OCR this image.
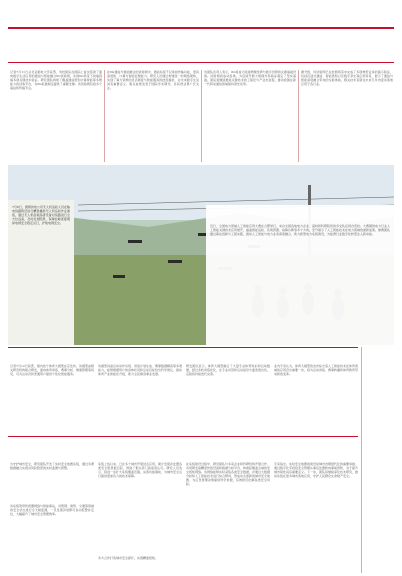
记者7月11日从北京邮电大学获悉，该校团队在国际上首次搭建了面向数字生活应用的通信与智能融合6G试验网，实现6G场景下的端到端多项关键技术验证。研究团队构建了覆盖通信感知计算智能等多维能力的试验平台，为6G标准制定提供了重要支撑。该试验网包括多个基站和终端节点。
在6G通信与智能融合的试验网中，通信系统不仅承担传输功能，更具备感知、计算与智能处理能力。研究人员通过构建统一的网络架构，实现了算力资源的灵活调度与智能服务的按需提供，对未来数字生活具有重要意义。相关成果发表于国际学术期刊，并获得业界广泛关注。
该团队负责人表示，6G将成为连接物理世界与数字世界的关键基础设施。试验网的成功搭建，为后续开展大规模外场验证奠定了坚实基础。团队将继续推进关键技术的工程化与产业化进程，推动我国在新一代移动通信领域保持领先优势。
据介绍，该试验网已在校园场景中完成了多项典型业务的演示验证，包括沉浸式通信、智能感知以及数字孪生等应用场景，展示了通信与智能深度融合带来的全新体验，相关技术有望在未来几年内逐步落地应用于各行业。
7月8日，国网供电公司无人机巡检人员在输电线路附近进行精准播控无人机巡检作业演练，通过无人机搭载高清设备对线路进行全方位巡查，及时发现隐患，保障迎峰度夏期间电网安全稳定运行，护航电网安全。
近日，全国电力领域人工智能应用大赛在合肥举行，来自全国各地电力企业、高校和科研院所的多支队伍同台竞技。大赛围绕电力行业人工智能关键技术应用展开，涵盖智能巡检、负荷预测、故障诊断等多个方向，充分展示了人工智能技术在电力领域的最新成果。参赛团队通过算法创新与工程实践，推动人工智能与电力业务深度融合，助力新型电力系统建设，为能源行业数字化转型注入新动能。
记者7月12日获悉，国内首个体育大模型在京发布。该模型由相关研究机构联合研发，面向体育训练、赛事分析、健康管理等场景，可为运动员和普通用户提供个性化智能服务。
该模型具备运动动作识别、训练计划生成、赛事数据解读等多项能力，能够根据用户的身体状况和运动目标给出科学建议，推动体育产业智能化升级，助力全民健身事业发展。
研发团队表示，体育大模型融合了大量专业体育知识和运动数据，经过多轮训练优化，在专业问答和运动指导方面表现出色，后续将持续迭代完善。
业内专家认为，体育大模型的发布标志着人工智能技术在体育领域的应用迈出重要一步，将为运动训练、赛事转播和体育教育带来新的变革。
为守护城市安全，研究团队开发了实时安全地图系统，通过多源数据融合实现对风险隐患的实时监测与预警。
该系统利用传感器网络与智能算法，对管网、建筑、交通等领域的安全状态进行全天候监测，一旦发现异常即可自动报警并定位，大幅提升了城市安全管理效率。
系统上线以来，已在多个城市开展试点应用，累计发现并处置各类安全隐患数百起，得到了相关部门的高度认可。研究人员表示，将进一步扩大系统覆盖范围，完善功能模块，为城市安全运行提供更加有力的技术保障。
多方合作打造城市安全探针，实现精准感知。
在系统建设过程中，研究团队与多家企业和科研机构开展合作，共同研发高精度传感设备和数据分析平台，构建起覆盖全域的安全感知网络。该网络能够实时采集各类安全数据，并通过大数据分析和人工智能技术进行综合研判，形成动态更新的城市安全地图，为应急管理决策提供科学依据，有效防范化解各类安全风险。
专家指出，实时安全地图的建设是城市治理现代化的重要举措，通过数字化手段将安全管理从事后处置转向事前预防，对于提升城市韧性具有重要意义。下一步，团队将继续深化技术研究，推动系统在更多城市落地应用，守护人民群众生命财产安全。
